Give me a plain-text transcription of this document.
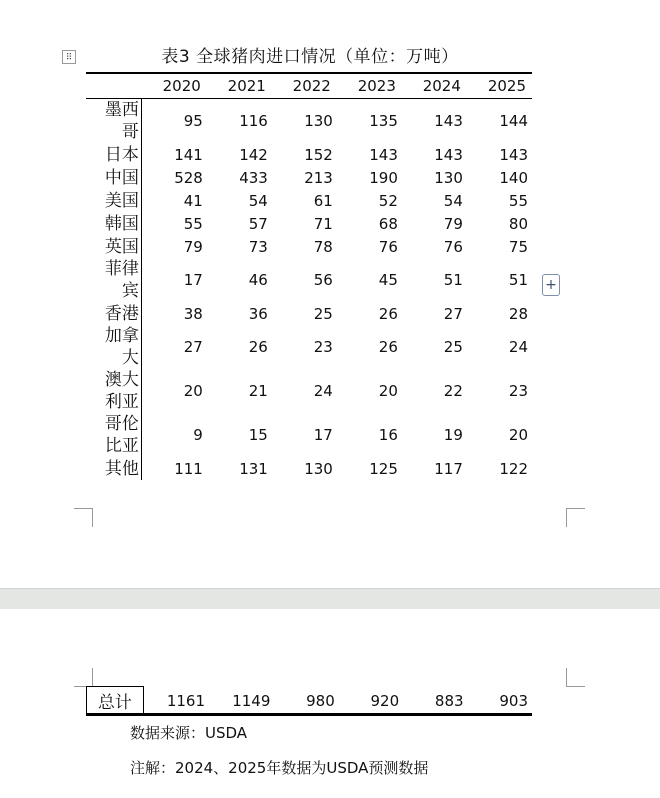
⠿	表3 全球猪肉进口情况（单位：万吨）
	2020	2021	2022	2023	2024	2025

墨西
哥	95	116	130	135	143	144

日本	141	142	152	143	143	143

中国	528	433	213	190	130	140

美国	41	54	61	52	54	55

韩国	55	57	71	68	79	80

英国	79	73	78	76	76	75

菲律
宾	17	46	56	45	51	51

香港	38	36	25	26	27	28

加拿
大	27	26	23	26	25	24

澳大
利亚	20	21	24	20	22	23

哥伦
比亚	9	15	17	16	19	20

其他	111	131	130	125	117	122
+
总计	1161	1149	980	920	883	903
数据来源：USDA
注解：2024、2025年数据为USDA预测数据
